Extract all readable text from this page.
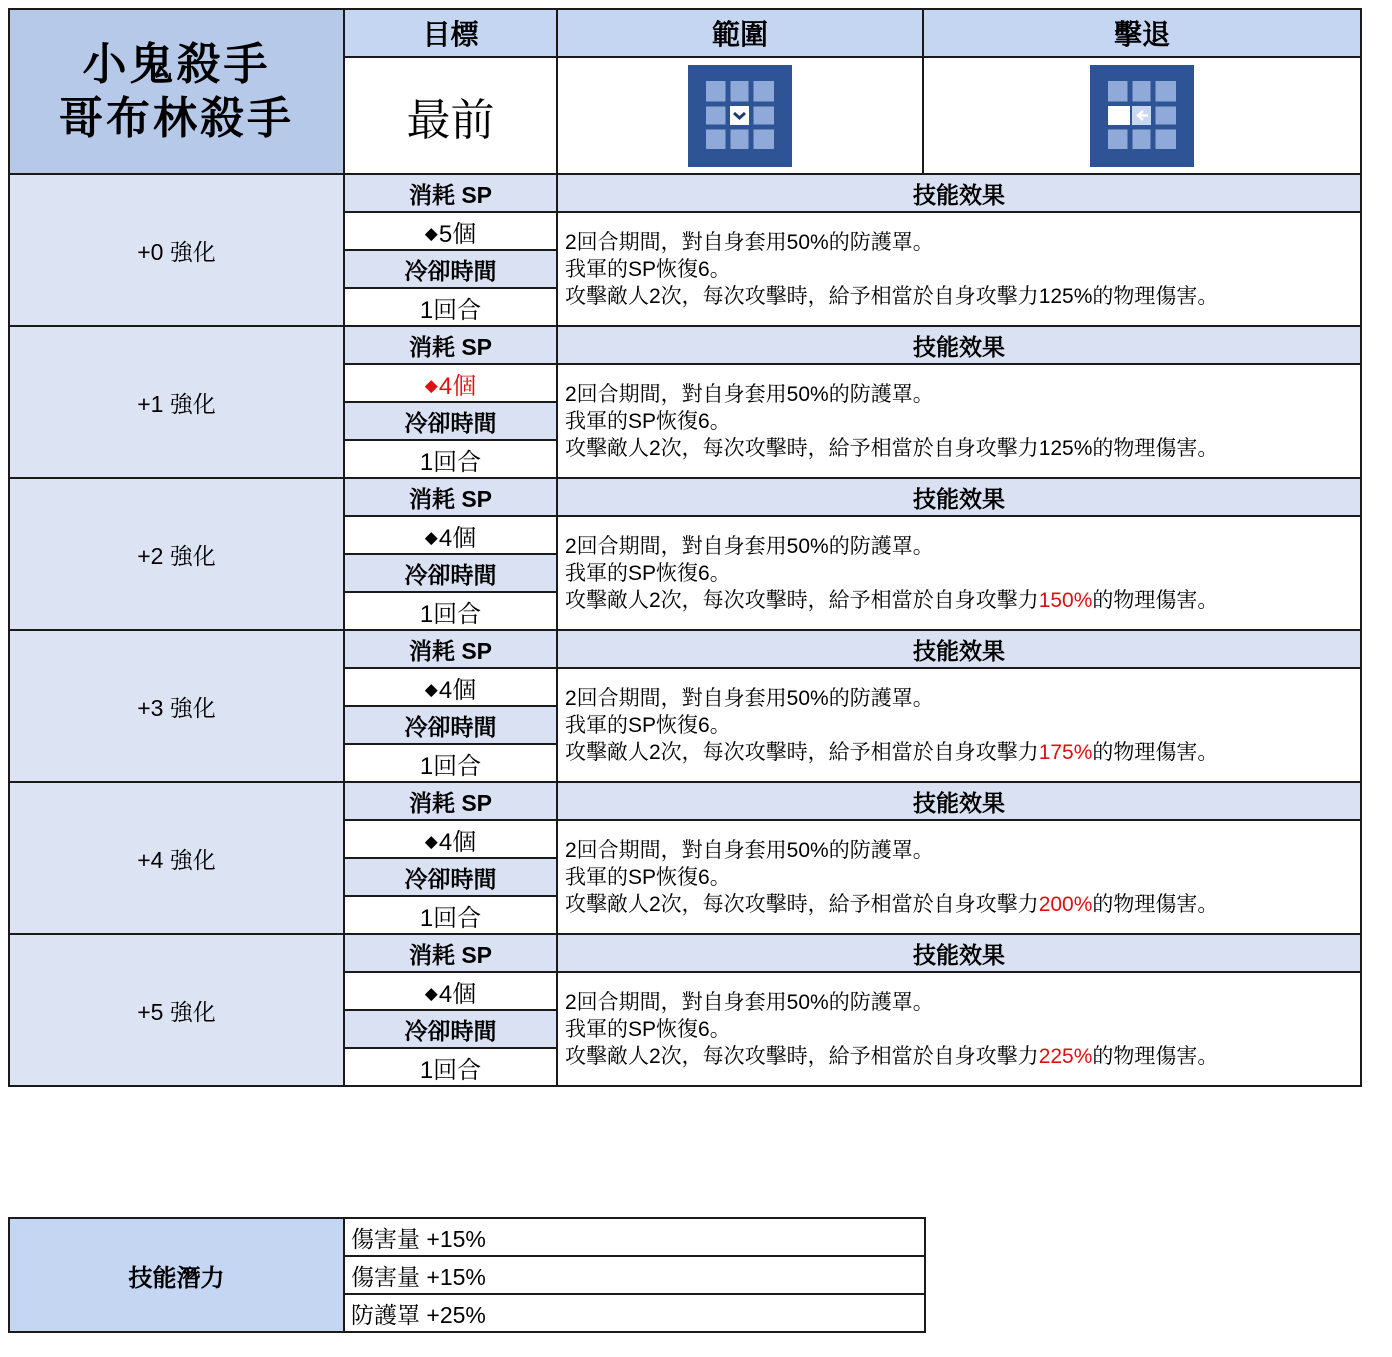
小鬼殺手
哥布林殺手	目標	範圍	擊退
	最前	

+0 強化	消耗 SP	技能效果	
	◆5個	2回合期間，對自身套用50%的防護罩。
我軍的SP恢復6。
攻擊敵人2次，每次攻擊時，給予相當於自身攻擊力125%的物理傷害。	

	冷卻時間		
	1回合		
+1 強化	消耗 SP	技能效果	
	◆4個	2回合期間，對自身套用50%的防護罩。
我軍的SP恢復6。
攻擊敵人2次，每次攻擊時，給予相當於自身攻擊力125%的物理傷害。	

	冷卻時間		
	1回合		
+2 強化	消耗 SP	技能效果	
	◆4個	2回合期間，對自身套用50%的防護罩。
我軍的SP恢復6。
攻擊敵人2次，每次攻擊時，給予相當於自身攻擊力150%的物理傷害。	

	冷卻時間		
	1回合		
+3 強化	消耗 SP	技能效果	
	◆4個	2回合期間，對自身套用50%的防護罩。
我軍的SP恢復6。
攻擊敵人2次，每次攻擊時，給予相當於自身攻擊力175%的物理傷害。	

	冷卻時間		
	1回合		
+4 強化	消耗 SP	技能效果	
	◆4個	2回合期間，對自身套用50%的防護罩。
我軍的SP恢復6。
攻擊敵人2次，每次攻擊時，給予相當於自身攻擊力200%的物理傷害。	

	冷卻時間		
	1回合		
+5 強化	消耗 SP	技能效果	
	◆4個	2回合期間，對自身套用50%的防護罩。
我軍的SP恢復6。
攻擊敵人2次，每次攻擊時，給予相當於自身攻擊力225%的物理傷害。	

	冷卻時間		
	1回合		
技能潛力	傷害量 +15%
傷害量 +15%
防護罩 +25%
